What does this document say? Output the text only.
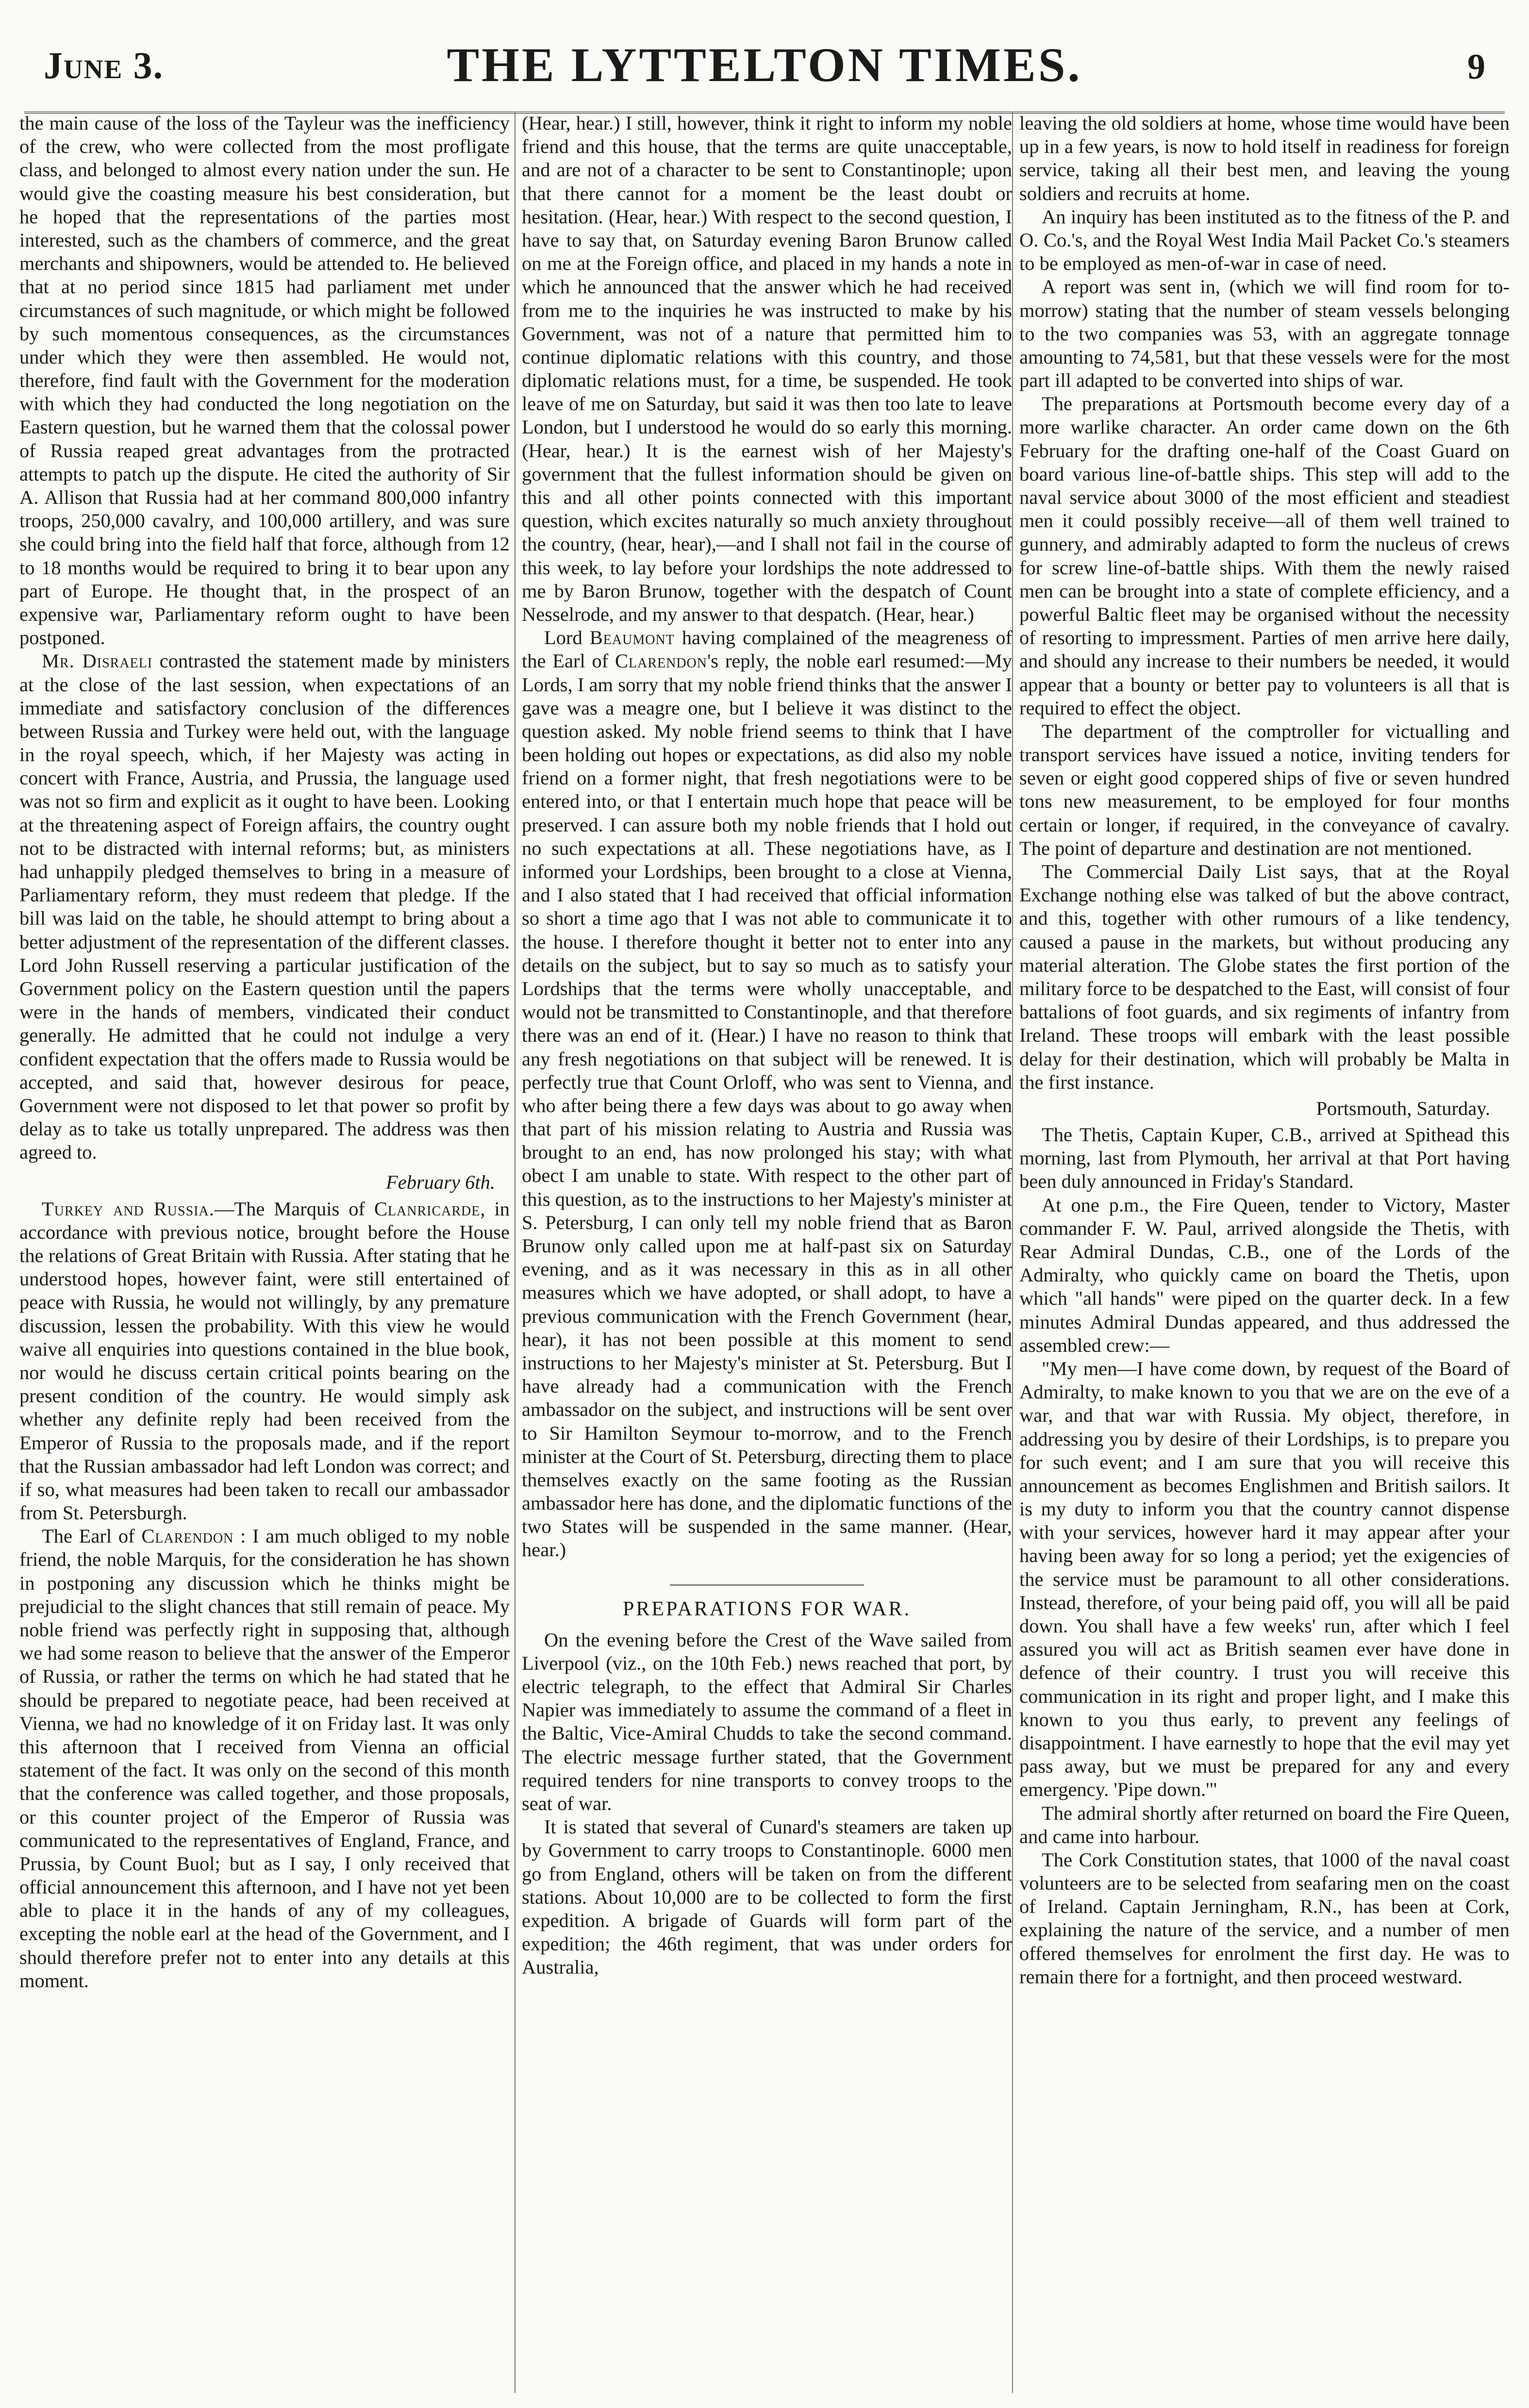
June 3.	THE LYTTELTON TIMES.	9

the main cause of the loss of the Tayleur was the inefficiency of the crew, who were collected from the most profligate class, and belonged to almost every nation under the sun. He would give the coasting measure his best consideration, but he hoped that the representations of the parties most interested, such as the chambers of commerce, and the great merchants and shipowners, would be attended to. He believed that at no period since 1815 had parliament met under circumstances of such magnitude, or which might be followed by such momentous consequences, as the circumstances under which they were then assembled. He would not, therefore, find fault with the Government for the moderation with which they had conducted the long negotiation on the Eastern question, but he warned them that the colossal power of Russia reaped great advantages from the protracted attempts to patch up the dispute. He cited the authority of Sir A. Allison that Russia had at her command 800,000 infantry troops, 250,000 cavalry, and 100,000 artillery, and was sure she could bring into the field half that force, although from 12 to 18 months would be required to bring it to bear upon any part of Europe. He thought that, in the prospect of an expensive war, Parliamentary reform ought to have been postponed.

Mr. Disraeli contrasted the statement made by ministers at the close of the last session, when expectations of an immediate and satisfactory conclusion of the differences between Russia and Turkey were held out, with the language in the royal speech, which, if her Majesty was acting in concert with France, Austria, and Prussia, the language used was not so firm and explicit as it ought to have been. Looking at the threatening aspect of Foreign affairs, the country ought not to be distracted with internal reforms; but, as ministers had unhappily pledged themselves to bring in a measure of Parliamentary reform, they must redeem that pledge. If the bill was laid on the table, he should attempt to bring about a better adjustment of the representation of the different classes. Lord John Russell reserving a particular justification of the Government policy on the Eastern question until the papers were in the hands of members, vindicated their conduct generally. He admitted that he could not indulge a very confident expectation that the offers made to Russia would be accepted, and said that, however desirous for peace, Government were not disposed to let that power so profit by delay as to take us totally unprepared. The address was then agreed to.

February 6th.

Turkey and Russia.—The Marquis of Clanricarde, in accordance with previous notice, brought before the House the relations of Great Britain with Russia. After stating that he understood hopes, however faint, were still entertained of peace with Russia, he would not willingly, by any premature discussion, lessen the probability. With this view he would waive all enquiries into questions contained in the blue book, nor would he discuss certain critical points bearing on the present condition of the country. He would simply ask whether any definite reply had been received from the Emperor of Russia to the proposals made, and if the report that the Russian ambassador had left London was correct; and if so, what measures had been taken to recall our ambassador from St. Petersburgh.

The Earl of Clarendon : I am much obliged to my noble friend, the noble Marquis, for the consideration he has shown in postponing any discussion which he thinks might be prejudicial to the slight chances that still remain of peace. My noble friend was perfectly right in supposing that, although we had some reason to believe that the answer of the Emperor of Russia, or rather the terms on which he had stated that he should be prepared to negotiate peace, had been received at Vienna, we had no knowledge of it on Friday last. It was only this afternoon that I received from Vienna an official statement of the fact. It was only on the second of this month that the conference was called together, and those proposals, or this counter project of the Emperor of Russia was communicated to the representatives of England, France, and Prussia, by Count Buol; but as I say, I only received that official announcement this afternoon, and I have not yet been able to place it in the hands of any of my colleagues, excepting the noble earl at the head of the Government, and I should therefore prefer not to enter into any details at this moment.

(Hear, hear.) I still, however, think it right to inform my noble friend and this house, that the terms are quite unacceptable, and are not of a character to be sent to Constantinople; upon that there cannot for a moment be the least doubt or hesitation. (Hear, hear.) With respect to the second question, I have to say that, on Saturday evening Baron Brunow called on me at the Foreign office, and placed in my hands a note in which he announced that the answer which he had received from me to the inquiries he was instructed to make by his Government, was not of a nature that permitted him to continue diplomatic relations with this country, and those diplomatic relations must, for a time, be suspended. He took leave of me on Saturday, but said it was then too late to leave London, but I understood he would do so early this morning. (Hear, hear.) It is the earnest wish of her Majesty's government that the fullest information should be given on this and all other points connected with this important question, which excites naturally so much anxiety throughout the country, (hear, hear),—and I shall not fail in the course of this week, to lay before your lordships the note addressed to me by Baron Brunow, together with the despatch of Count Nesselrode, and my answer to that despatch. (Hear, hear.)

Lord Beaumont having complained of the meagreness of the Earl of Clarendon's reply, the noble earl resumed:—My Lords, I am sorry that my noble friend thinks that the answer I gave was a meagre one, but I believe it was distinct to the question asked. My noble friend seems to think that I have been holding out hopes or expectations, as did also my noble friend on a former night, that fresh negotiations were to be entered into, or that I entertain much hope that peace will be preserved. I can assure both my noble friends that I hold out no such expectations at all. These negotiations have, as I informed your Lordships, been brought to a close at Vienna, and I also stated that I had received that official information so short a time ago that I was not able to communicate it to the house. I therefore thought it better not to enter into any details on the subject, but to say so much as to satisfy your Lordships that the terms were wholly unacceptable, and would not be transmitted to Constantinople, and that therefore there was an end of it. (Hear.) I have no reason to think that any fresh negotiations on that subject will be renewed. It is perfectly true that Count Orloff, who was sent to Vienna, and who after being there a few days was about to go away when that part of his mission relating to Austria and Russia was brought to an end, has now prolonged his stay; with what obect I am unable to state. With respect to the other part of this question, as to the instructions to her Majesty's minister at S. Petersburg, I can only tell my noble friend that as Baron Brunow only called upon me at half-past six on Saturday evening, and as it was necessary in this as in all other measures which we have adopted, or shall adopt, to have a previous communication with the French Government (hear, hear), it has not been possible at this moment to send instructions to her Majesty's minister at St. Petersburg. But I have already had a communication with the French ambassador on the subject, and instructions will be sent over to Sir Hamilton Seymour to-morrow, and to the French minister at the Court of St. Petersburg, directing them to place themselves exactly on the same footing as the Russian ambassador here has done, and the diplomatic functions of the two States will be suspended in the same manner. (Hear, hear.)

PREPARATIONS FOR WAR.

On the evening before the Crest of the Wave sailed from Liverpool (viz., on the 10th Feb.) news reached that port, by electric telegraph, to the effect that Admiral Sir Charles Napier was immediately to assume the command of a fleet in the Baltic, Vice-Amiral Chudds to take the second command. The electric message further stated, that the Government required tenders for nine transports to convey troops to the seat of war.

It is stated that several of Cunard's steamers are taken up by Government to carry troops to Constantinople. 6000 men go from England, others will be taken on from the different stations. About 10,000 are to be collected to form the first expedition. A brigade of Guards will form part of the expedition; the 46th regiment, that was under orders for Australia,

leaving the old soldiers at home, whose time would have been up in a few years, is now to hold itself in readiness for foreign service, taking all their best men, and leaving the young soldiers and recruits at home.

An inquiry has been instituted as to the fitness of the P. and O. Co.'s, and the Royal West India Mail Packet Co.'s steamers to be employed as men-of-war in case of need.

A report was sent in, (which we will find room for to-morrow) stating that the number of steam vessels belonging to the two companies was 53, with an aggregate tonnage amounting to 74,581, but that these vessels were for the most part ill adapted to be converted into ships of war.

The preparations at Portsmouth become every day of a more warlike character. An order came down on the 6th February for the drafting one-half of the Coast Guard on board various line-of-battle ships. This step will add to the naval service about 3000 of the most efficient and steadiest men it could possibly receive—all of them well trained to gunnery, and admirably adapted to form the nucleus of crews for screw line-of-battle ships. With them the newly raised men can be brought into a state of complete efficiency, and a powerful Baltic fleet may be organised without the necessity of resorting to impressment. Parties of men arrive here daily, and should any increase to their numbers be needed, it would appear that a bounty or better pay to volunteers is all that is required to effect the object.

The department of the comptroller for victualling and transport services have issued a notice, inviting tenders for seven or eight good coppered ships of five or seven hundred tons new measurement, to be employed for four months certain or longer, if required, in the conveyance of cavalry. The point of departure and destination are not mentioned.

The Commercial Daily List says, that at the Royal Exchange nothing else was talked of but the above contract, and this, together with other rumours of a like tendency, caused a pause in the markets, but without producing any material alteration. The Globe states the first portion of the military force to be despatched to the East, will consist of four battalions of foot guards, and six regiments of infantry from Ireland. These troops will embark with the least possible delay for their destination, which will probably be Malta in the first instance.

Portsmouth, Saturday.

The Thetis, Captain Kuper, C.B., arrived at Spithead this morning, last from Plymouth, her arrival at that Port having been duly announced in Friday's Standard.

At one p.m., the Fire Queen, tender to Victory, Master commander F. W. Paul, arrived alongside the Thetis, with Rear Admiral Dundas, C.B., one of the Lords of the Admiralty, who quickly came on board the Thetis, upon which "all hands" were piped on the quarter deck. In a few minutes Admiral Dundas appeared, and thus addressed the assembled crew:—

"My men—I have come down, by request of the Board of Admiralty, to make known to you that we are on the eve of a war, and that war with Russia. My object, therefore, in addressing you by desire of their Lordships, is to prepare you for such event; and I am sure that you will receive this announcement as becomes Englishmen and British sailors. It is my duty to inform you that the country cannot dispense with your services, however hard it may appear after your having been away for so long a period; yet the exigencies of the service must be paramount to all other considerations. Instead, therefore, of your being paid off, you will all be paid down. You shall have a few weeks' run, after which I feel assured you will act as British seamen ever have done in defence of their country. I trust you will receive this communication in its right and proper light, and I make this known to you thus early, to prevent any feelings of disappointment. I have earnestly to hope that the evil may yet pass away, but we must be prepared for any and every emergency. 'Pipe down.'"

The admiral shortly after returned on board the Fire Queen, and came into harbour.

The Cork Constitution states, that 1000 of the naval coast volunteers are to be selected from seafaring men on the coast of Ireland. Captain Jerningham, R.N., has been at Cork, explaining the nature of the service, and a number of men offered themselves for enrolment the first day. He was to remain there for a fortnight, and then proceed westward.
